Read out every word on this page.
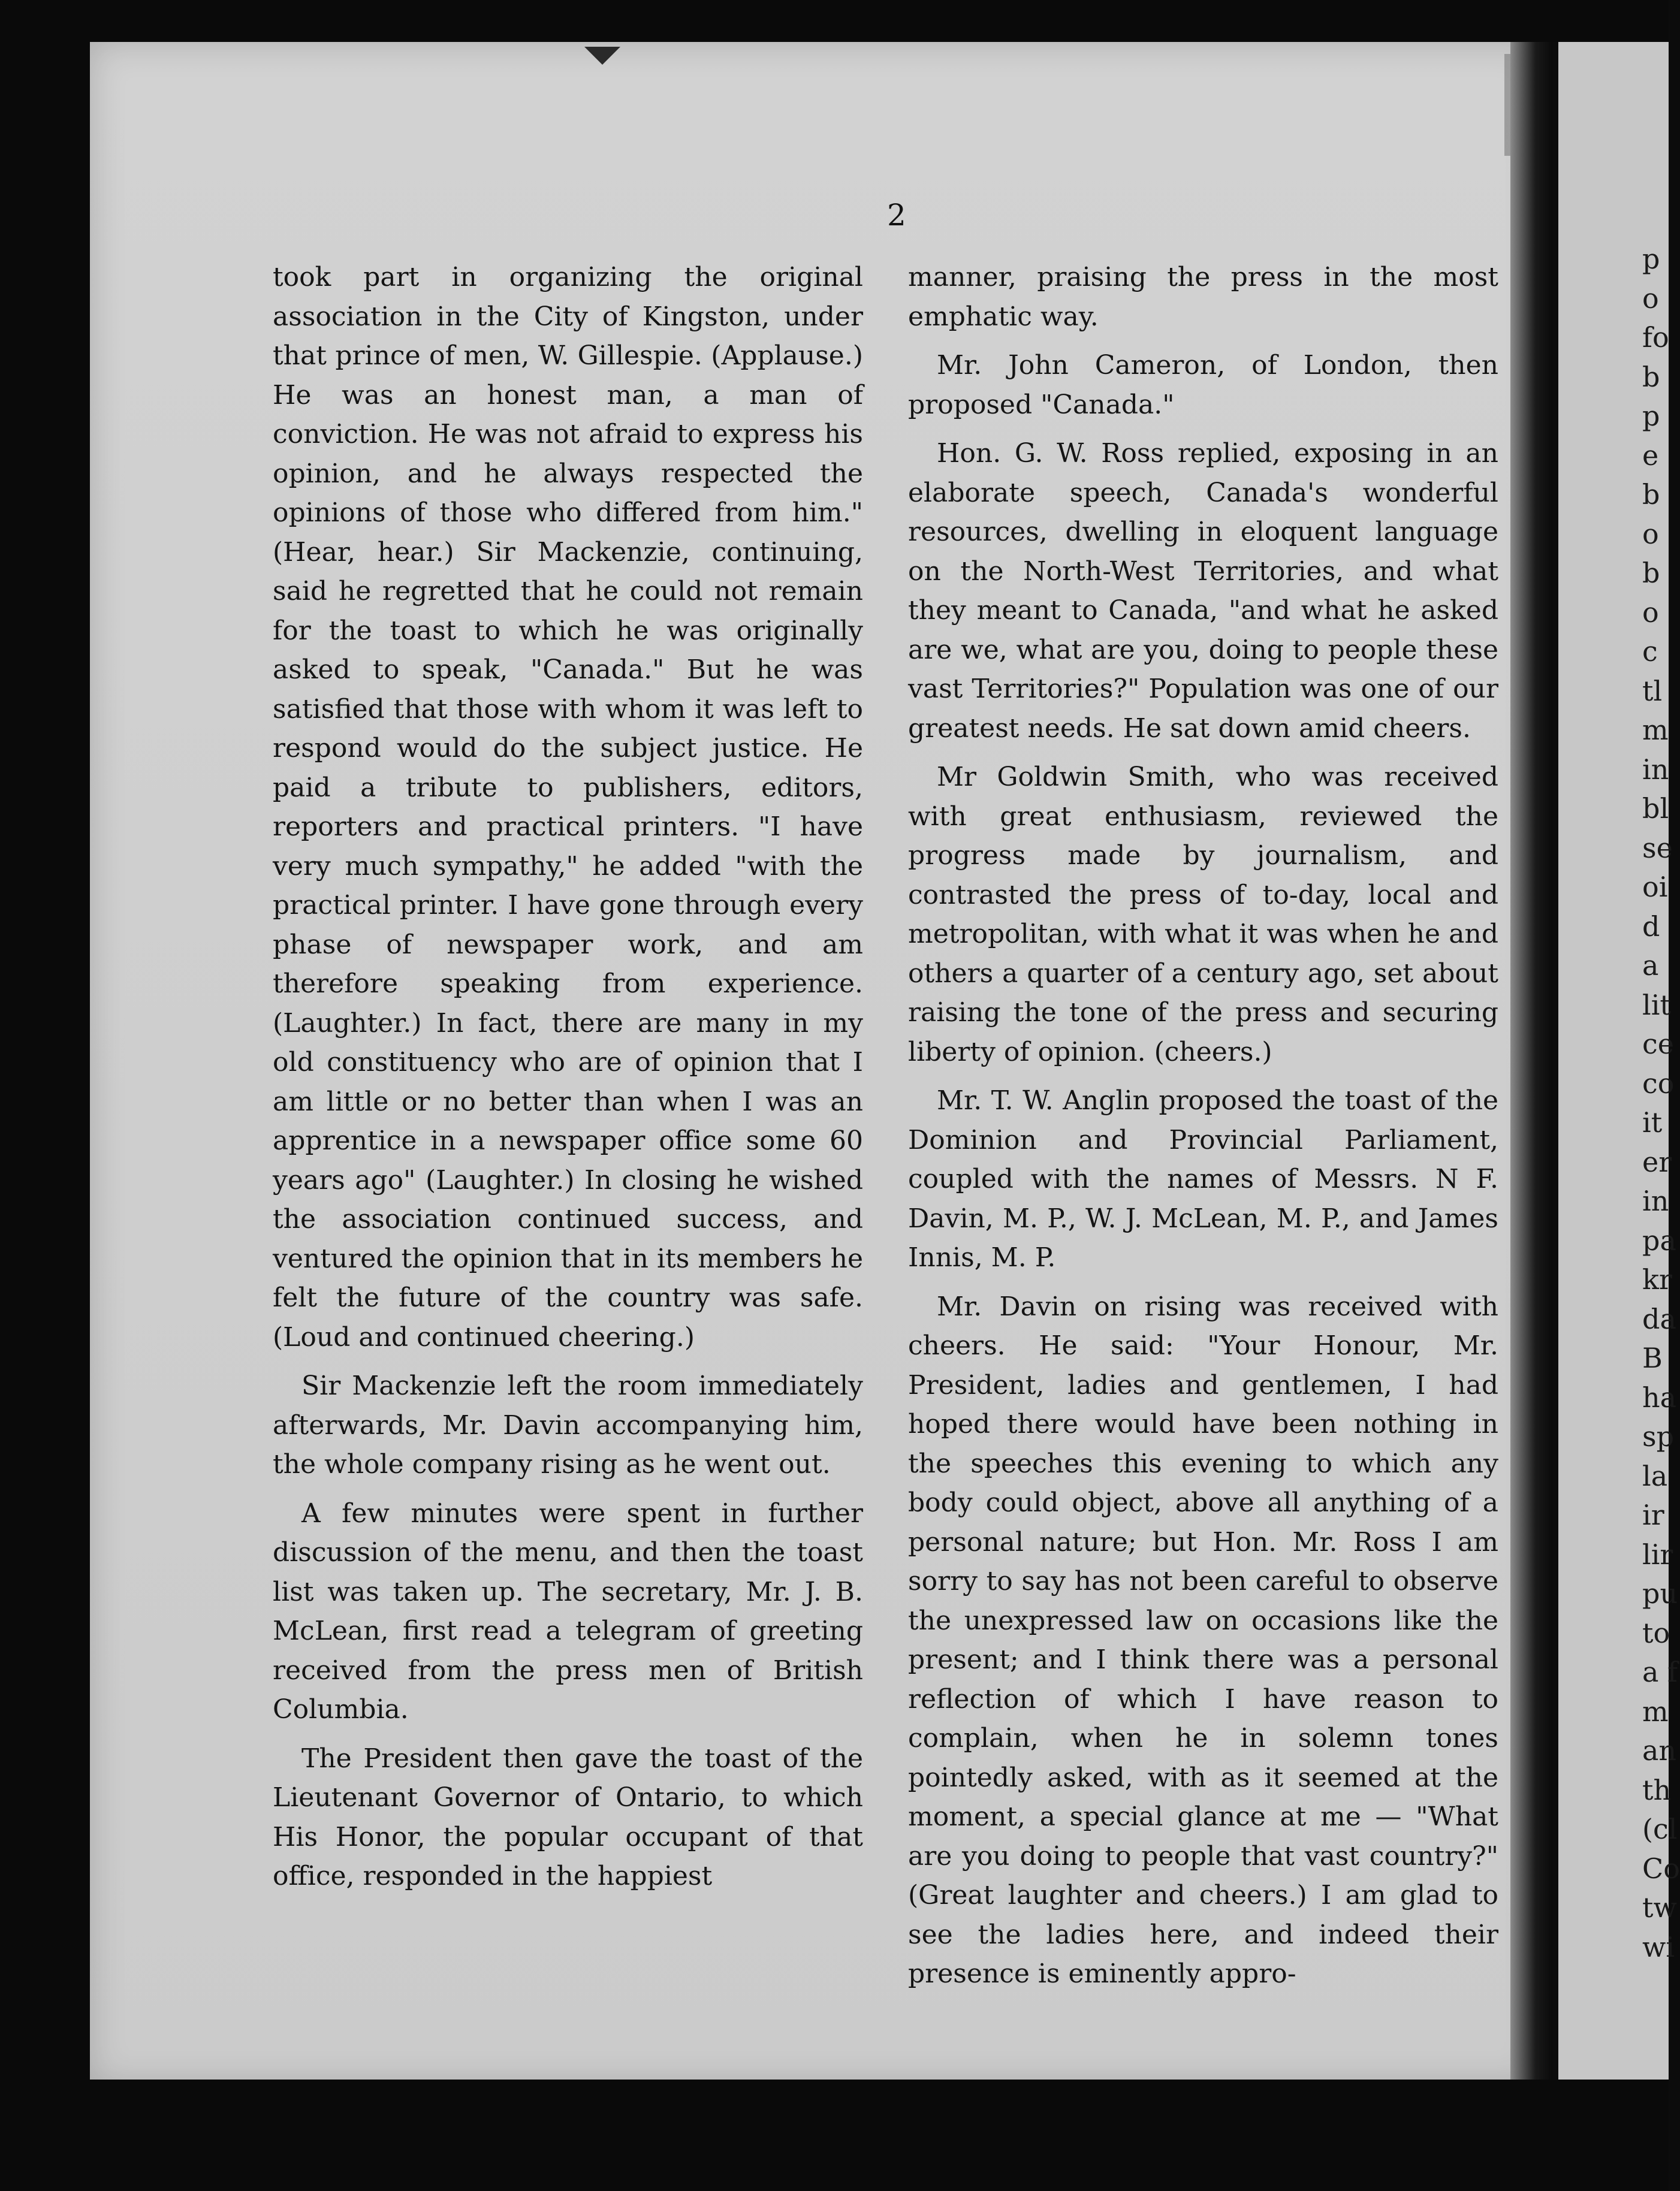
p
o
fo
b
p
e
b
o
b
o
c
tl
m
in
bl
se
oi
d
a
lit
ce
co
it
er
in
pa
kr
da
B
ha
sp
la
ir
lir
pu
to
a f
m
an
th
(cl
Co
tw
wi
2

took part in organizing the original association in the City of Kingston, under that prince of men, W. Gillespie. (Applause.) He was an honest man, a man of conviction. He was not afraid to express his opinion, and he always respected the opinions of those who differed from him." (Hear, hear.) Sir Mackenzie, continuing, said he regretted that he could not remain for the toast to which he was originally asked to speak, "Canada." But he was satisfied that those with whom it was left to respond would do the subject justice. He paid a tribute to publishers, editors, reporters and practical printers. "I have very much sympathy," he added "with the practical printer. I have gone through every phase of newspaper work, and am therefore speaking from experience. (Laughter.) In fact, there are many in my old constituency who are of opinion that I am little or no better than when I was an apprentice in a newspaper office some 60 years ago" (Laughter.) In closing he wished the association continued success, and ventured the opinion that in its members he felt the future of the country was safe. (Loud and continued cheering.)

Sir Mackenzie left the room immediately afterwards, Mr. Davin accompanying him, the whole company rising as he went out.

A few minutes were spent in further discussion of the menu, and then the toast list was taken up. The secretary, Mr. J. B. McLean, first read a telegram of greeting received from the press men of British Columbia.

The President then gave the toast of the Lieutenant Governor of Ontario, to which His Honor, the popular occupant of that office, responded in the happiest

manner, praising the press in the most emphatic way.

Mr. John Cameron, of London, then proposed "Canada."

Hon. G. W. Ross replied, exposing in an elaborate speech, Canada's wonderful resources, dwelling in eloquent language on the North-West Territories, and what they meant to Canada, "and what he asked are we, what are you, doing to people these vast Territories?" Population was one of our greatest needs. He sat down amid cheers.

Mr Goldwin Smith, who was received with great enthusiasm, reviewed the progress made by journalism, and contrasted the press of to-day, local and metropolitan, with what it was when he and others a quarter of a century ago, set about raising the tone of the press and securing liberty of opinion. (cheers.)

Mr. T. W. Anglin proposed the toast of the Dominion and Provincial Parliament, coupled with the names of Messrs. N F. Davin, M. P., W. J. McLean, M. P., and James Innis, M. P.

Mr. Davin on rising was received with cheers. He said: "Your Honour, Mr. President, ladies and gentlemen, I had hoped there would have been nothing in the speeches this evening to which any body could object, above all anything of a personal nature; but Hon. Mr. Ross I am sorry to say has not been careful to observe the unexpressed law on occasions like the present; and I think there was a personal reflection of which I have reason to complain, when he in solemn tones pointedly asked, with as it seemed at the moment, a special glance at me — "What are you doing to people that vast country?" (Great laughter and cheers.) I am glad to see the ladies here, and indeed their presence is eminently appro-
